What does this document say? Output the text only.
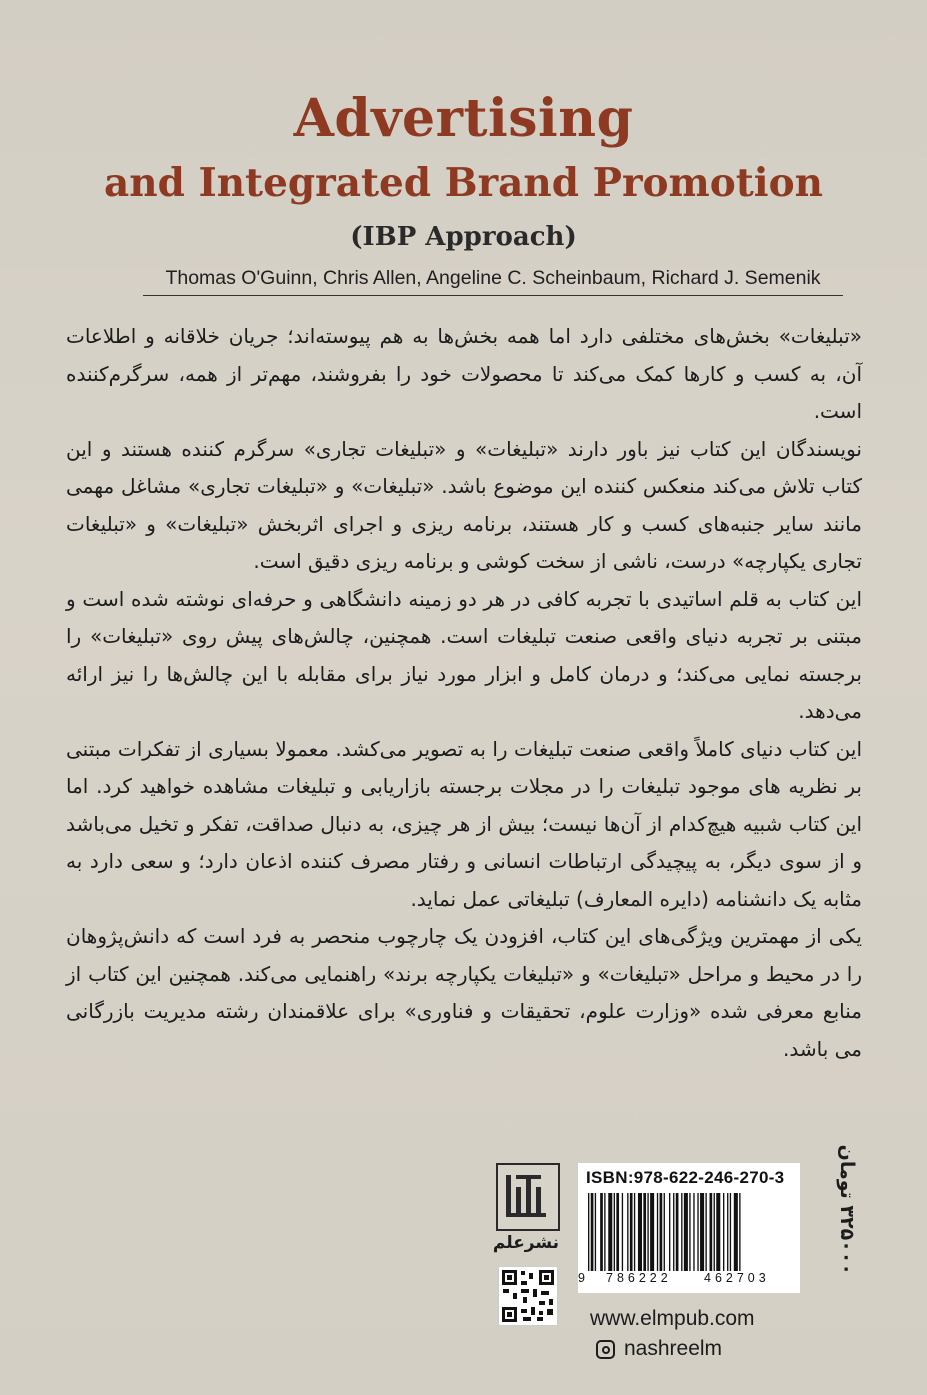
Advertising
and Integrated Brand Promotion
(IBP Approach)
Thomas O'Guinn, Chris Allen, Angeline C. Scheinbaum, Richard J. Semenik

«تبلیغات» بخش‌های مختلفی دارد اما همه بخش‌ها به هم پیوسته‌اند؛ جریان خلاقانه و اطلاعات آن، به کسب و کارها کمک می‌کند تا محصولات خود را بفروشند، مهم‌تر از همه، سرگرم‌کننده است.

نویسندگان این کتاب نیز باور دارند «تبلیغات» و «تبلیغات تجاری» سرگرم کننده هستند و این کتاب تلاش می‌کند منعکس کننده این موضوع باشد. «تبلیغات» و «تبلیغات تجاری» مشاغل مهمی مانند سایر جنبه‌های کسب و کار هستند، برنامه ریزی و اجرای اثربخش «تبلیغات» و «تبلیغات تجاری یکپارچه» درست، ناشی از سخت کوشی و برنامه ریزی دقیق است.

این کتاب به قلم اساتیدی با تجربه کافی در هر دو زمینه دانشگاهی و حرفه‌ای نوشته شده است و مبتنی بر تجربه دنیای واقعی صنعت تبلیغات است. همچنین، چالش‌های پیش روی «تبلیغات» را برجسته نمایی می‌کند؛ و درمان کامل و ابزار مورد نیاز برای مقابله با این چالش‌ها را نیز ارائه می‌دهد.

این کتاب دنیای کاملاً واقعی صنعت تبلیغات را به تصویر می‌کشد. معمولا بسیاری از تفکرات مبتنی بر نظریه های موجود تبلیغات را در مجلات برجسته بازاریابی و تبلیغات مشاهده خواهید کرد. اما این کتاب شبیه هیچ‌کدام از آن‌ها نیست؛ بیش از هر چیزی، به دنبال صداقت، تفکر و تخیل می‌باشد و از سوی دیگر، به پیچیدگی ارتباطات انسانی و رفتار مصرف کننده اذعان دارد؛ و سعی دارد به مثابه یک دانشنامه (دایره المعارف) تبلیغاتی عمل نماید.

یکی از مهمترین ویژگی‌های این کتاب، افزودن یک چارچوب منحصر به فرد است که دانش‌پژوهان را در محیط و مراحل «تبلیغات» و «تبلیغات یکپارچه برند» راهنمایی می‌کند. همچنین این کتاب از منابع معرفی شده «وزارت علوم، تحقیقات و فناوری» برای علاقمندان رشته مدیریت بازرگانی می باشد.

نشرعلم
ISBN:978-622-246-270-3
9 786222	462703
۳۲۵۰۰۰ تومان
www.elmpub.com
nashreelm
